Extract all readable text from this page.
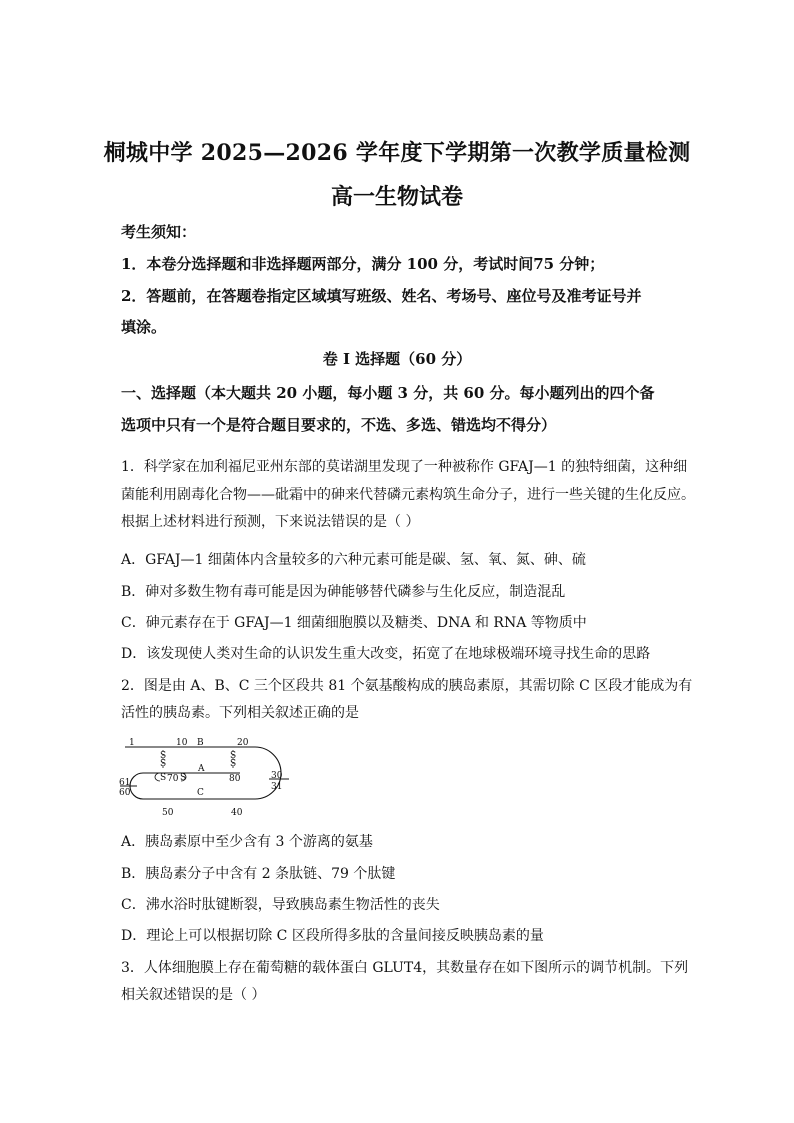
桐城中学 2025—2026 学年度下学期第一次教学质量检测
高一生物试卷
考生须知：
1．本卷分选择题和非选择题两部分，满分 100 分，考试时间75 分钟；
2．答题前，在答题卷指定区域填写班级、姓名、考场号、座位号及准考证号并
填涂。
卷 I 选择题（60 分）
一、选择题（本大题共 20 小题，每小题 3 分，共 60 分。每小题列出的四个备
选项中只有一个是符合题目要求的，不选、多选、错选均不得分）
1．科学家在加利福尼亚州东部的莫诺湖里发现了一种被称作 GFAJ—1 的独特细菌，这种细
菌能利用剧毒化合物——砒霜中的砷来代替磷元素构筑生命分子，进行一些关键的生化反应。
根据上述材料进行预测，下来说法错误的是（ ）
A．GFAJ—1 细菌体内含量较多的六种元素可能是碳、氢、氧、氮、砷、硫
B．砷对多数生物有毒可能是因为砷能够替代磷参与生化反应，制造混乱
C．砷元素存在于 GFAJ—1 细菌细胞膜以及糖类、DNA 和 RNA 等物质中
D．该发现使人类对生命的认识发生重大改变，拓宽了在地球极端环境寻找生命的思路
2．图是由 A、B、C 三个区段共 81 个氨基酸构成的胰岛素原，其需切除 C 区段才能成为有
活性的胰岛素。下列相关叙述正确的是
1	10 B	20
S
S
S
S
S S
70
A
80
61
60
30
31
C
50	40
A．胰岛素原中至少含有 3 个游离的氨基
B．胰岛素分子中含有 2 条肽链、79 个肽键
C．沸水浴时肽键断裂，导致胰岛素生物活性的丧失
D．理论上可以根据切除 C 区段所得多肽的含量间接反映胰岛素的量
3．人体细胞膜上存在葡萄糖的载体蛋白 GLUT4，其数量存在如下图所示的调节机制。下列
相关叙述错误的是（ ）
